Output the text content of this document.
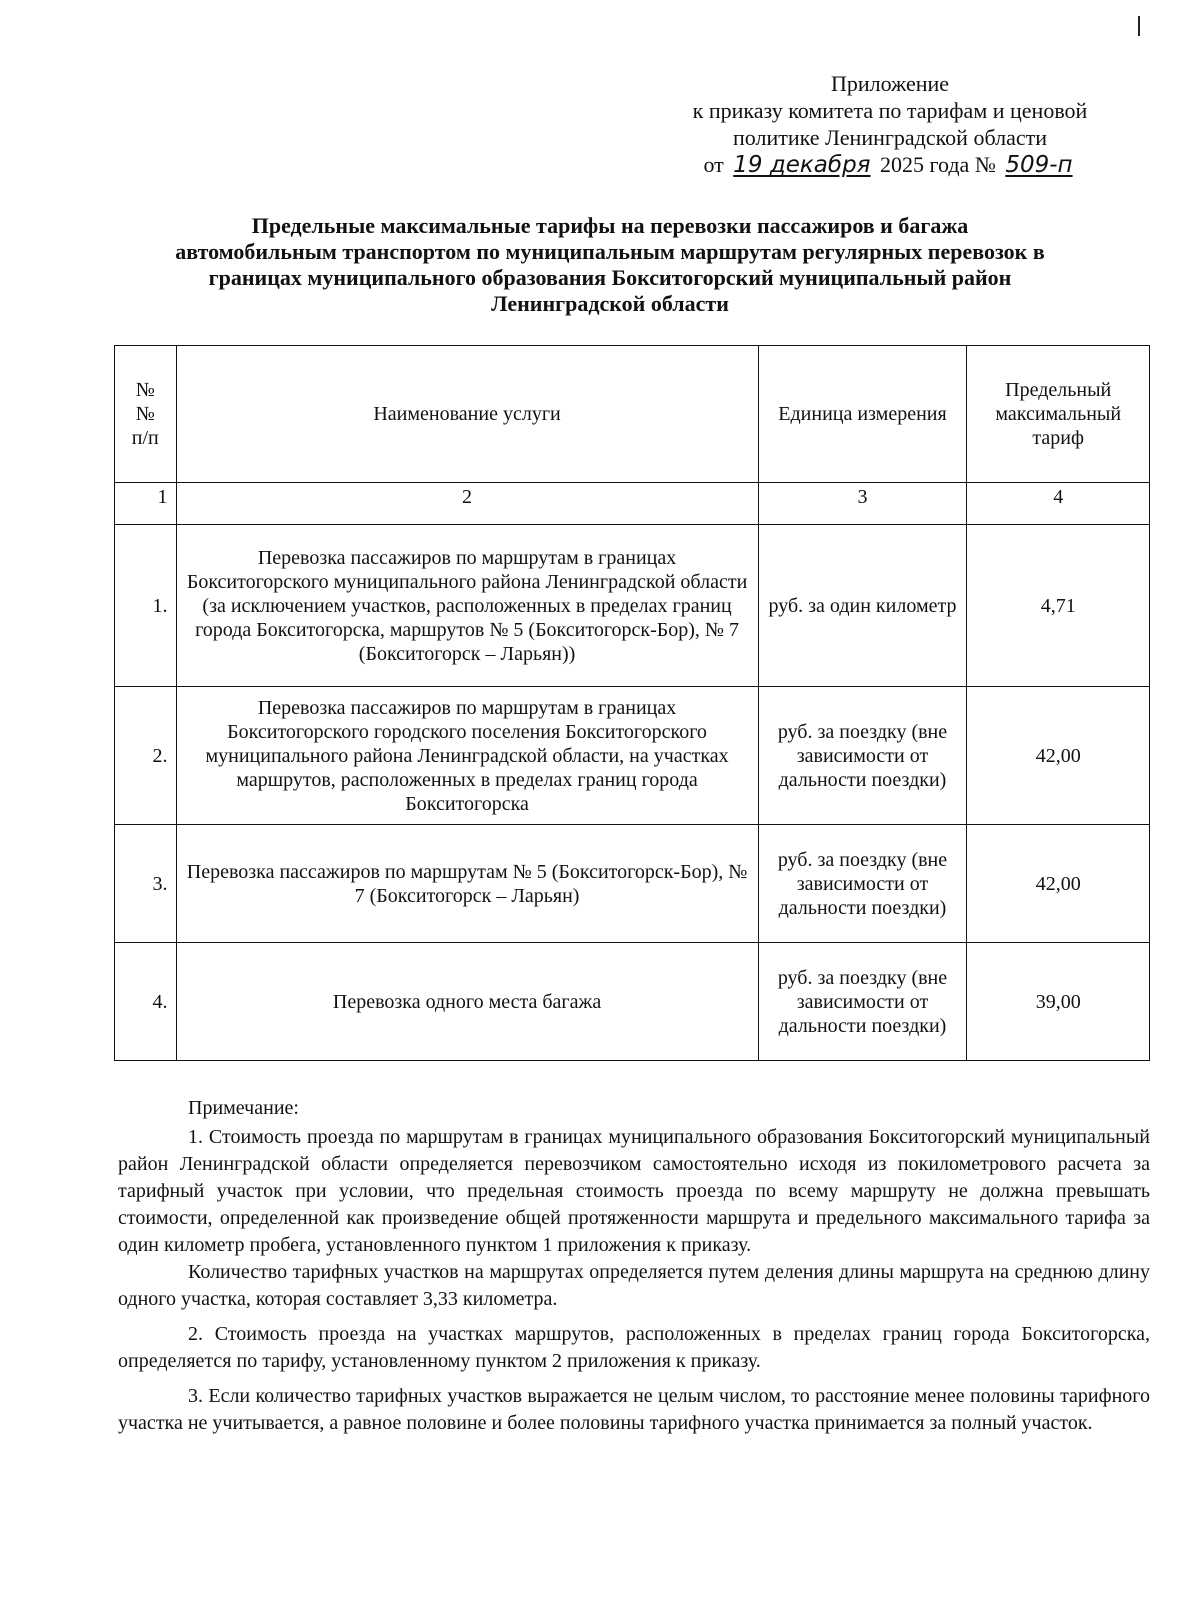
Приложение
к приказу комитета по тарифам и ценовой
политике Ленинградской области
от 19 декабря 2025 года № 509-п
Предельные максимальные тарифы на перевозки пассажиров и багажа
автомобильным транспортом по муниципальным маршрутам регулярных перевозок в
границах муниципального образования Бокситогорский муниципальный район
Ленинградской области
№
№
п/п	Наименование услуги	Единица измерения	Предельный максимальный тариф
1	2	3	4
1.	Перевозка пассажиров по маршрутам в границах Бокситогорского муниципального района Ленинградской области (за исключением участков, расположенных в пределах границ города Бокситогорска, маршрутов № 5 (Бокситогорск-Бор), № 7 (Бокситогорск – Ларьян))	руб. за один километр	4,71
2.	Перевозка пассажиров по маршрутам в границах Бокситогорского городского поселения Бокситогорского муниципального района Ленинградской области, на участках маршрутов, расположенных в пределах границ города Бокситогорска	руб. за поездку (вне зависимости от дальности поездки)	42,00
3.	Перевозка пассажиров по маршрутам № 5 (Бокситогорск-Бор), № 7 (Бокситогорск – Ларьян)	руб. за поездку (вне зависимости от дальности поездки)	42,00
4.	Перевозка одного места багажа	руб. за поездку (вне зависимости от дальности поездки)	39,00

Примечание:

1. Стоимость проезда по маршрутам в границах муниципального образования Бокситогорский муниципальный район Ленинградской области определяется перевозчиком самостоятельно исходя из покилометрового расчета за тарифный участок при условии, что предельная стоимость проезда по всему маршруту не должна превышать стоимости, определенной как произведение общей протяженности маршрута и предельного максимального тарифа за один километр пробега, установленного пунктом 1 приложения к приказу.

Количество тарифных участков на маршрутах определяется путем деления длины маршрута на среднюю длину одного участка, которая составляет 3,33 километра.

2. Стоимость проезда на участках маршрутов, расположенных в пределах границ города Бокситогорска, определяется по тарифу, установленному пунктом 2 приложения к приказу.

3. Если количество тарифных участков выражается не целым числом, то расстояние менее половины тарифного участка не учитывается, а равное половине и более половины тарифного участка принимается за полный участок.
